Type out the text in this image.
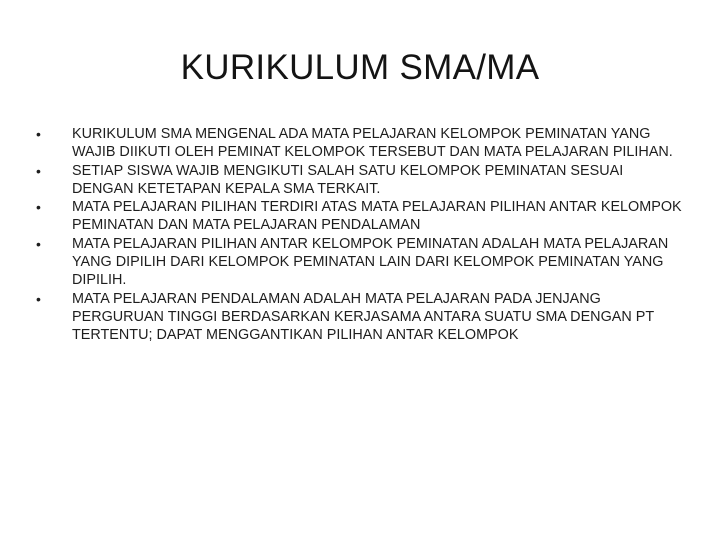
KURIKULUM SMA/MA
•	KURIKULUM SMA MENGENAL ADA MATA PELAJARAN KELOMPOK PEMINATAN YANG WAJIB DIIKUTI OLEH PEMINAT KELOMPOK TERSEBUT DAN MATA PELAJARAN PILIHAN.
•	SETIAP SISWA WAJIB MENGIKUTI SALAH SATU KELOMPOK PEMINATAN SESUAI DENGAN KETETAPAN KEPALA SMA TERKAIT.
•	MATA PELAJARAN PILIHAN TERDIRI ATAS MATA PELAJARAN PILIHAN ANTAR KELOMPOK PEMINATAN DAN MATA PELAJARAN PENDALAMAN
•	MATA PELAJARAN PILIHAN ANTAR KELOMPOK PEMINATAN ADALAH MATA PELAJARAN YANG DIPILIH DARI KELOMPOK PEMINATAN LAIN DARI KELOMPOK PEMINATAN YANG DIPILIH.
•	MATA PELAJARAN PENDALAMAN ADALAH MATA PELAJARAN PADA JENJANG PERGURUAN TINGGI BERDASARKAN KERJASAMA ANTARA SUATU SMA DENGAN PT TERTENTU; DAPAT MENGGANTIKAN PILIHAN ANTAR KELOMPOK
